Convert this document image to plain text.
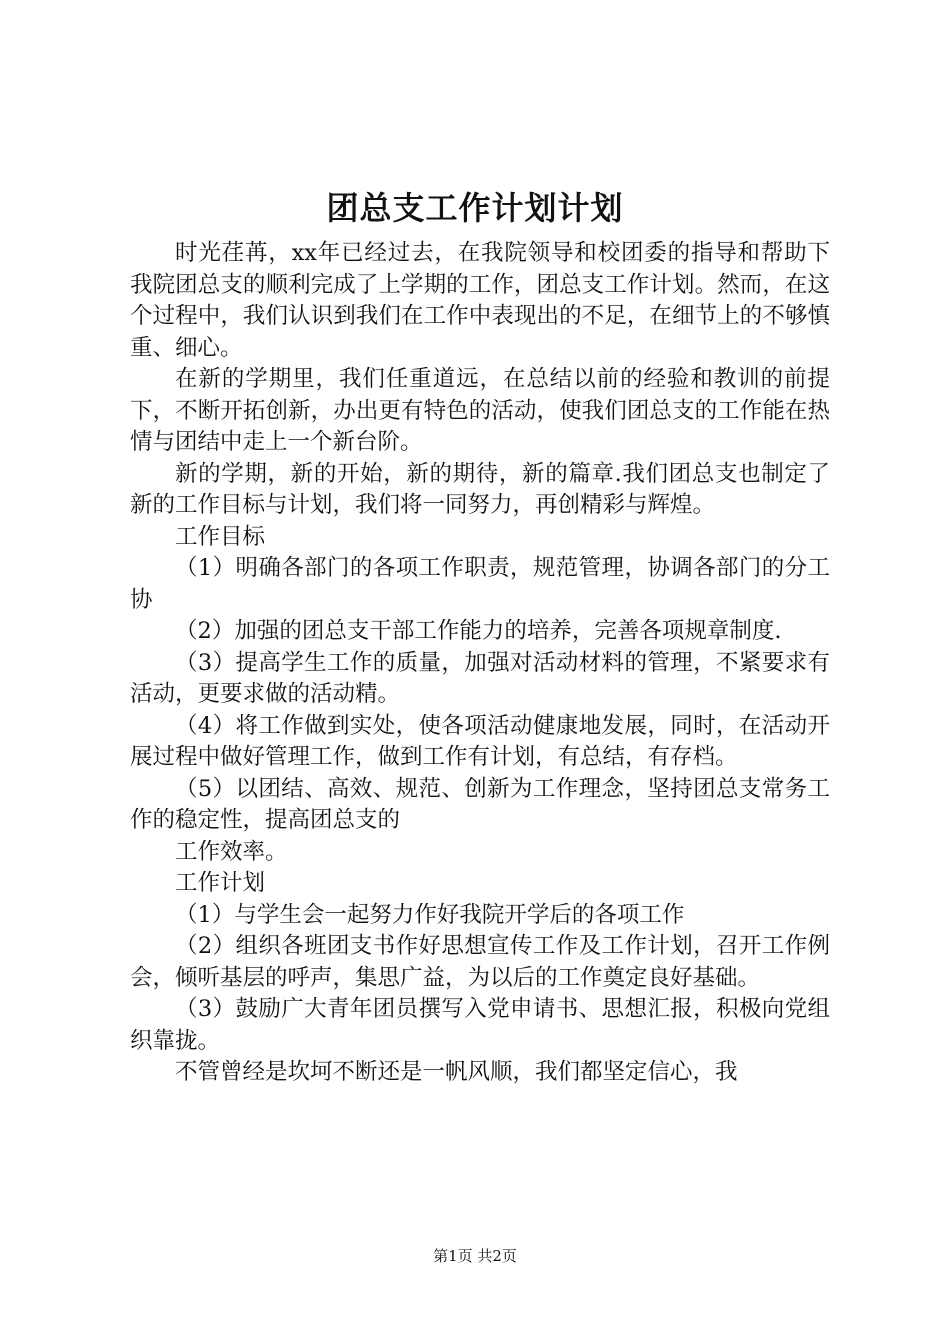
团总支工作计划计划

时光荏苒，xx年已经过去，在我院领导和校团委的指导和帮助下我院团总支的顺利完成了上学期的工作，团总支工作计划。然而，在这个过程中，我们认识到我们在工作中表现出的不足，在细节上的不够慎重、细心。

在新的学期里，我们任重道远，在总结以前的经验和教训的前提下，不断开拓创新，办出更有特色的活动，使我们团总支的工作能在热情与团结中走上一个新台阶。

新的学期，新的开始，新的期待，新的篇章.我们团总支也制定了新的工作目标与计划，我们将一同努力，再创精彩与辉煌。

工作目标

（1）明确各部门的各项工作职责，规范管理，协调各部门的分工协

（2）加强的团总支干部工作能力的培养，完善各项规章制度.

（3）提高学生工作的质量，加强对活动材料的管理，不紧要求有活动，更要求做的活动精。

（4）将工作做到实处，使各项活动健康地发展，同时，在活动开展过程中做好管理工作，做到工作有计划，有总结，有存档。

（5）以团结、高效、规范、创新为工作理念，坚持团总支常务工作的稳定性，提高团总支的

工作效率。

工作计划

（1）与学生会一起努力作好我院开学后的各项工作

（2）组织各班团支书作好思想宣传工作及工作计划，召开工作例会，倾听基层的呼声，集思广益，为以后的工作奠定良好基础。

（3）鼓励广大青年团员撰写入党申请书、思想汇报，积极向党组织靠拢。

不管曾经是坎坷不断还是一帆风顺，我们都坚定信心，我

第1页 共2页
